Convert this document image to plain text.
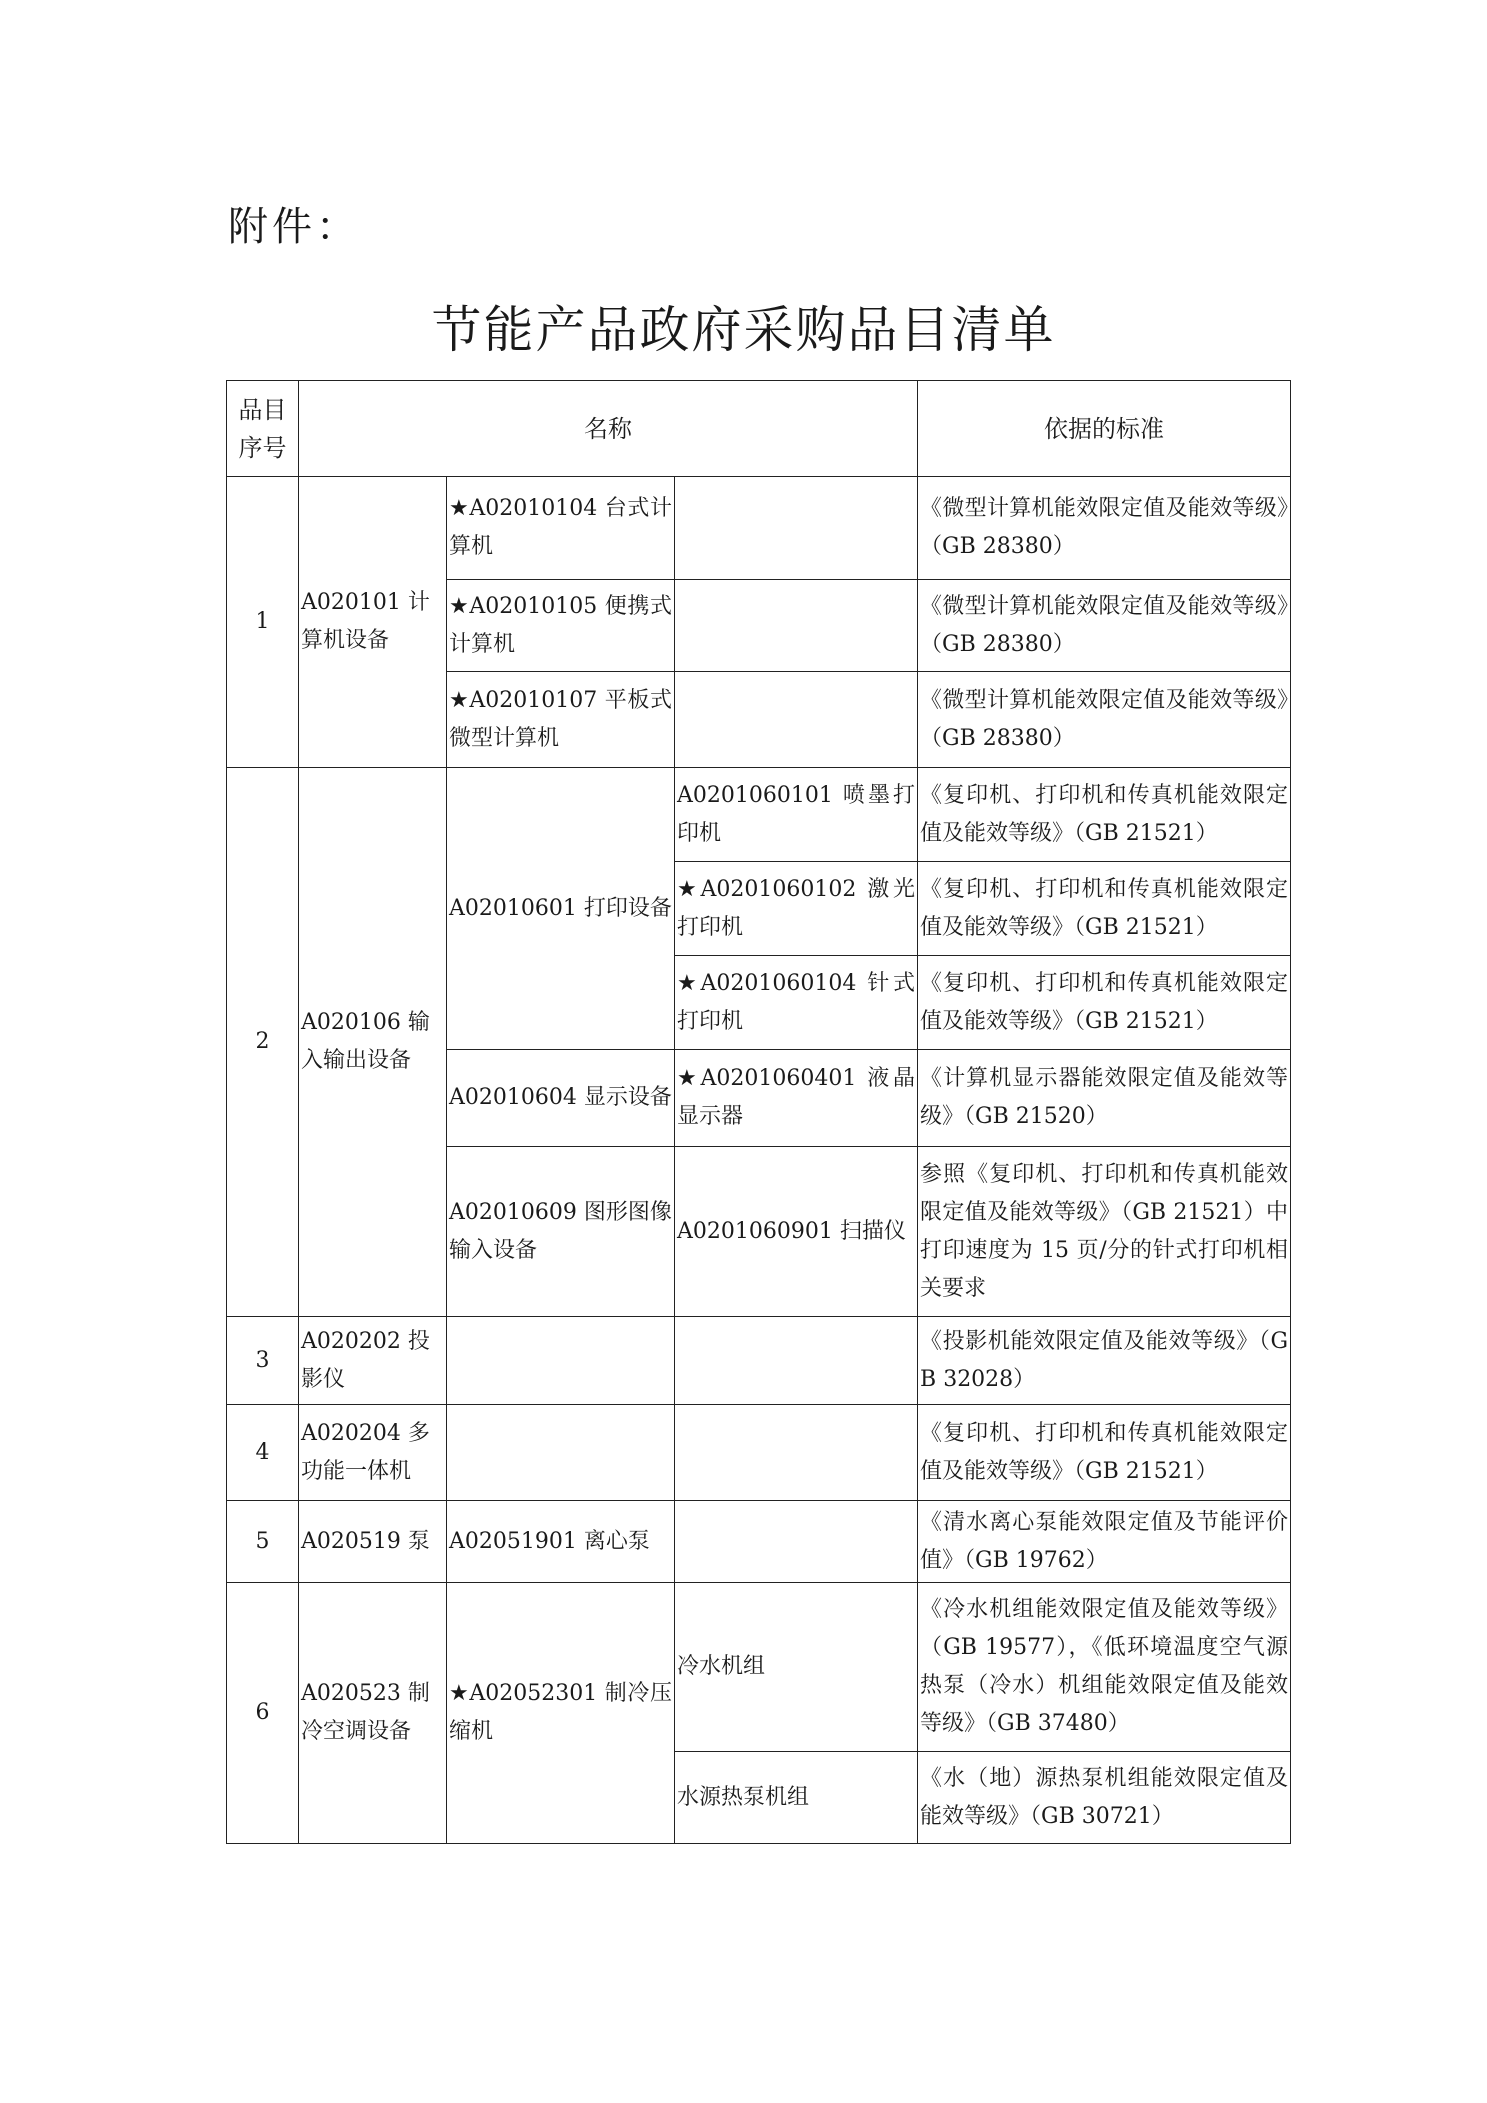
附件：
节能产品政府采购品目清单
品目序号	名称			依据的标准
1	A020101 计算机设备	★A02010104 台式计算机		《微型计算机能效限定值及能效等级》（GB 28380）
		★A02010105 便携式计算机		《微型计算机能效限定值及能效等级》（GB 28380）
		★A02010107 平板式微型计算机		《微型计算机能效限定值及能效等级》（GB 28380）
2	A020106 输入输出设备	A02010601 打印设备	A0201060101 喷墨打印机	《复印机、打印机和传真机能效限定值及能效等级》（GB 21521）
			★A0201060102 激光打印机	《复印机、打印机和传真机能效限定值及能效等级》（GB 21521）
			★A0201060104 针式打印机	《复印机、打印机和传真机能效限定值及能效等级》（GB 21521）
		A02010604 显示设备	★A0201060401 液晶显示器	《计算机显示器能效限定值及能效等级》（GB 21520）
		A02010609 图形图像输入设备	A0201060901 扫描仪	参照《复印机、打印机和传真机能效限定值及能效等级》（GB 21521）中打印速度为 15 页/分的针式打印机相关要求
3	A020202 投影仪			《投影机能效限定值及能效等级》（GB 32028）
4	A020204 多功能一体机			《复印机、打印机和传真机能效限定值及能效等级》（GB 21521）
5	A020519 泵	A02051901 离心泵		《清水离心泵能效限定值及节能评价值》（GB 19762）
6	A020523 制冷空调设备	★A02052301 制冷压缩机	冷水机组	《冷水机组能效限定值及能效等级》（GB 19577），《低环境温度空气源热泵（冷水）机组能效限定值及能效等级》（GB 37480）
			水源热泵机组	《水（地）源热泵机组能效限定值及能效等级》（GB 30721）
